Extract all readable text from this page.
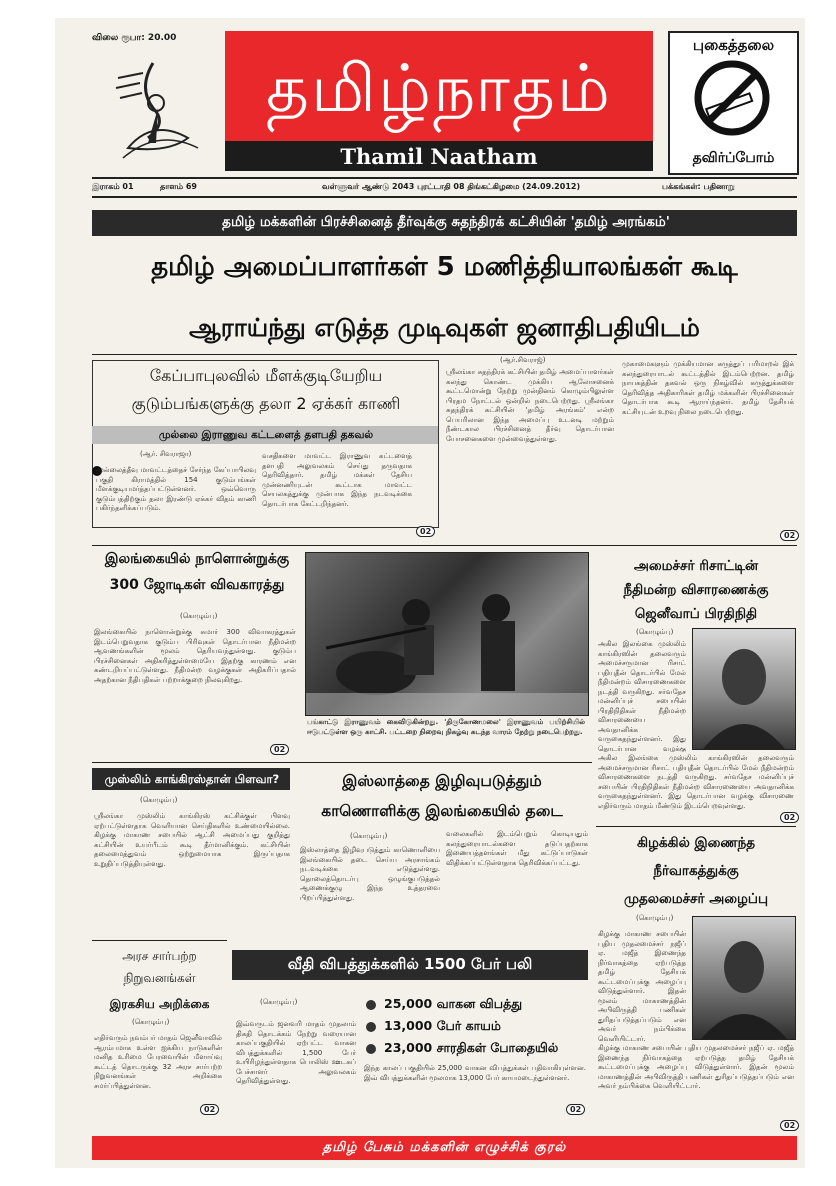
விலை ரூபா: 20.00
தமிழ்நாதம்
Thamil Naatham
புகைத்தலை
தவிர்ப்போம்
இராகம் 01	தாளம் 69	வள்ளுவர் ஆண்டு 2043 புரட்டாதி 08 திங்கட்கிழமை (24.09.2012)	பக்கங்கள்: பதினாறு
தமிழ் மக்களின் பிரச்சினைத் தீர்வுக்கு சுதந்திரக் கட்சியின் 'தமிழ் அரங்கம்'
தமிழ் அமைப்பாளர்கள் 5 மணித்தியாலங்கள் கூடி
ஆராய்ந்து எடுத்த முடிவுகள் ஜனாதிபதியிடம்
கேப்பாபுலவில் மீளக்குடியேறிய
குடும்பங்களுக்கு தலா 2 ஏக்கர் காணி
முல்லை இராணுவ கட்டளைத் தளபதி தகவல்
(ஆர். சிவராஜா)
முல்லைத்தீவு மாவட்டத்தைச் சேர்ந்த கேப்பாபிலவு பகுதி கிராமத்தில் 154 குடும்பங்கள் மீளக்குடியமர்த்தப்பட்டுள்ளனர். ஒவ்வொரு குடும்பத்திற்கும் தலா இரண்டு ஏக்கர் விதம் காணி பகிர்ந்தளிக்கப்படும்.
வசதிகளை மாவட்ட இராணுவ கட்டளைத் தளபதி அலுவலகம் செய்து தருவதாக தெரிவித்தார். தமிழ் மக்கள் தேசிய முன்னணியுடன் கூட்டாக மாவட்ட செயலகத்துக்கு முன்பாக இந்த நடவடிக்கை தொடர்பாக கேட்டறிந்தனர்.
02
(ஆர்.சிவராஜ்)
ஸ்ரீலங்கா சுதந்திரக் கட்சியின் தமிழ் அமைப்பாளர்கள் கலந்து கொண்ட முக்கிய ஆலோசனைக் கூட்டமொன்று நேற்று முன்தினம் கொழும்பிலுள்ள பிரதம நோட்டல் ஒன்றில் நடைபெற்றது. ஸ்ரீலங்கா சுதந்திரக் கட்சியின் 'தமிழ் அரங்கம்' என்ற பெயரிலான இந்த அமைப்பு உடனடி மற்றும் நீண்டகால பிரச்சினைத் தீர்வு தொடர்பான யோசனைகளை முன்வைத்துள்ளது.
முகாமைகளும் முக்கியமான கருத்துப் பரிமாறல் இக் கலந்துரையாடல் கூட்டத்தில் இடம்பெற்றன. தமிழ் நாயகத்தின் தகவல் ஒரு நிகழ்வில் கருத்துக்களை தெரிவித்த அதிகாரிகள் தமிழ் மக்களின் பிரச்சினைகள் தொடர்பாக கூடி ஆராய்ந்தனர். தமிழ் தேசியக் கட்சியுடன் உறவு நிலை நடைபெற்றது.
02
இலங்கையில் நாளொன்றுக்கு
300 ஜோடிகள் விவகாரத்து
(கொழும்பு)
இலங்கையில் நாளொன்றுக்கு சுமார் 300 விவாகரத்துகள் இடம்பெறுவதாக குடும்ப பிரிவுகள் தொடர்பான நீதிமன்ற ஆவணங்களின் மூலம் தெரியவந்துள்ளது. குடும்ப பிரச்சினைகள் அதிகரித்துள்ளமையே இதற்கு காரணம் என கண்டறியப்பட்டுள்ளது. நீதிமன்ற வழக்குகள் அதிகரிப்பதால் அதற்கான நீதிபதிகள் பற்றாக்குறை நிலவுகிறது.
02
பங்காட்டு இராணுவம் கைவிடுகின்றது. 'திருகோணமலை' இராணுவம் பயிற்சியில் ஈடுபட்டுள்ள ஒரு காட்சி. பட்டறை நிறைவு நிகழ்வு கடந்த வாரம் நேற்று நடைபெற்றது.
அமைச்சர் ரிசாட்டின்
நீதிமன்ற விசாரணைக்கு
ஜெனீவாப் பிரதிநிதி
(கொழும்பு)
அகில இலங்கை முஸ்லிம் காங்கிரஸின் தலைவரும் அமைச்சருமான ரிசாட் பதியுதீன் தொடர்பில் மேல் நீதிமன்றம் விசாரணைகளை நடத்தி வருகிறது. சர்வதேச மன்னிப்புச் சபையின் பிரதிநிதிகள் நீதிமன்ற விசாரணையை அவதானிக்க வருகைதந்துள்ளனர். இது தொடர்பான வழக்கு
அகில இலங்கை முஸ்லிம் காங்கிரஸின் தலைவரும் அமைச்சருமான ரிசாட் பதியுதீன் தொடர்பில் மேல் நீதிமன்றம் விசாரணைகளை நடத்தி வருகிறது. சர்வதேச மன்னிப்புச் சபையின் பிரதிநிதிகள் நீதிமன்ற விசாரணையை அவதானிக்க வருகைதந்துள்ளனர். இது தொடர்பான வழக்கு விசாரணை எதிர்வரும் மாதம் மீண்டும் இடம்பெறவுள்ளது.
02
முஸ்லிம் காங்கிரஸ்தான் பிளவா?
(கொழும்பு)
ஸ்ரீலங்கா முஸ்லிம் காங்கிரஸ் கட்சிக்குள் பிளவு ஏற்பட்டுள்ளதாக வெளியான செய்திகளில் உண்மையில்லை. கிழக்கு மாகாண சபையில் ஆட்சி அமைப்பது குறித்து கட்சியின் உயர்பீடம் கூடி தீர்மானிக்கும். கட்சியின் தலைமைத்துவம் ஒற்றுமையாக இருப்பதாக உறுதிப்படுத்தியுள்ளது.
இஸ்லாத்தை இழிவுபடுத்தும்
காணொளிக்கு இலங்கையில் தடை
(கொழும்பு)
இஸ்லாத்தை இழிவுபடுத்தும் காணொளியை இலங்கையில் தடை செய்ய அரசாங்கம் நடவடிக்கை எடுத்துள்ளது. தொலைத்தொடர்பு ஒழுங்குபடுத்தல் ஆணைக்குழு இந்த உத்தரவை பிறப்பித்துள்ளது.
வலைகளில் இடம்பெறும் கொடியதும் கலந்துரையாடல்களை தடுப்பதற்காக இணையத்தளங்கள் மீது கட்டுப்பாடுகள் விதிக்கப்பட்டுள்ளதாக தெரிவிக்கப்பட்டது.
கிழக்கில் இணைந்த
நீர்வாகத்துக்கு
முதலமைச்சர் அழைப்பு
(கொழும்பு)
கிழக்கு மாகாண சபையின் புதிய முதலமைச்சர் நஜீப் ஏ. மஜீத் இணைந்த நிர்வாகத்தை ஏற்படுத்த தமிழ் தேசியக் கூட்டமைப்புக்கு அழைப்பு விடுத்துள்ளார். இதன் மூலம் மாகாணத்தின் அபிவிருத்தி பணிகள் துரிதப்படுத்தப்படும் என அவர் நம்பிக்கை வெளியிட்டார்.
கிழக்கு மாகாண சபையின் புதிய முதலமைச்சர் நஜீப் ஏ. மஜீத் இணைந்த நிர்வாகத்தை ஏற்படுத்த தமிழ் தேசியக் கூட்டமைப்புக்கு அழைப்பு விடுத்துள்ளார். இதன் மூலம் மாகாணத்தின் அபிவிருத்தி பணிகள் துரிதப்படுத்தப்படும் என அவர் நம்பிக்கை வெளியிட்டார்.
02
அரச சார்பற்ற
நிறுவனங்கள்
இரகசிய அறிக்கை
(கொழும்பு)
எதிர்வரும் நவம்பர் மாதம் ஜெனீவாவில் ஆரம்பமாக உள்ள ஐக்கிய நாடுகளின் மனித உரிமை பேரவையின் மீளாய்வு கூட்டத் தொடருக்கு 32 அரச சார்பற்ற நிறுவனங்கள் அறிக்கை சமர்ப்பித்துள்ளன.
02
வீதி விபத்துக்களில் 1500 பேர் பலி
(கொழும்பு)	25,000 வாகன விபத்து
13,000 பேர் காயம்
23,000 சாரதிகள் போதையில்
இவ்வருடம் ஜனவரி மாதம் முதலாம் திகதி தொடக்கம் நேற்று வரையான காலப்பகுதியில் ஏற்பட்ட வாகன விபத்துக்களில் 1,500 பேர் உயிரிழந்துள்ளதாக பொலிஸ் ஊடகப் பேச்சாளர் அலுவலகம் தெரிவித்துள்ளது.
இந்த காலப் பகுதியில் 25,000 வாகன விபத்துக்கள் பதிவாகியுள்ளன. இவ் விபத்துக்களின் மூலமாக 13,000 பேர் காயமடைந்துள்ளனர்.
02
தமிழ் பேசும் மக்களின் எழுச்சிக் குரல்
